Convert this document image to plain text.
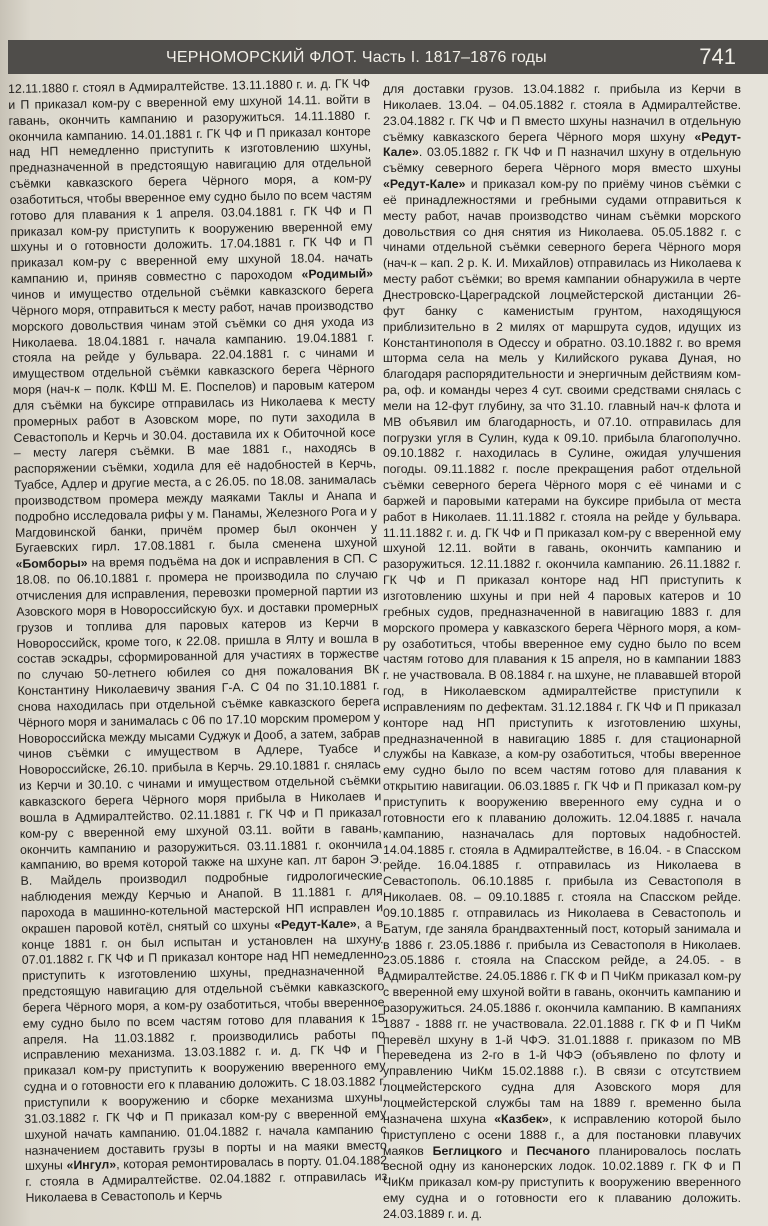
ЧЕРНОМОРСКИЙ ФЛОТ. Часть I. 1817–1876 годы	741

12.11.1880 г. стоял в Адмиралтействе. 13.11.1880 г. и. д. ГК ЧФ и П приказал ком-ру с вверенной ему шхуной 14.11. войти в гавань, окончить кампанию и разоружиться. 14.11.1880 г. окончила кампанию. 14.01.1881 г. ГК ЧФ и П приказал конторе над НП немедленно приступить к изготовлению шхуны, предназначенной в предстоящую навигацию для отдельной съёмки кавказского берега Чёрного моря, а ком-ру озаботиться, чтобы вверенное ему судно было по всем частям готово для плавания к 1 апреля. 03.04.1881 г. ГК ЧФ и П приказал ком-ру приступить к вооружению вверенной ему шхуны и о готовности доложить. 17.04.1881 г. ГК ЧФ и П приказал ком-ру с вверенной ему шхуной 18.04. начать кампанию и, приняв совместно с пароходом «Родимый» чинов и имущество отдельной съёмки кавказского берега Чёрного моря, отправиться к месту работ, начав производство морского довольствия чинам этой съёмки со дня ухода из Николаева. 18.04.1881 г. начала кампанию. 19.04.1881 г. стояла на рейде у бульвара. 22.04.1881 г. с чинами и имуществом отдельной съёмки кавказского берега Чёрного моря (нач-к – полк. КФШ М. Е. Поспелов) и паровым катером для съёмки на буксире отправилась из Николаева к месту промерных работ в Азовском море, по пути заходила в Севастополь и Керчь и 30.04. доставила их к Обиточной косе – месту лагеря съёмки. В мае 1881 г., находясь в распоряжении съёмки, ходила для её надобностей в Керчь, Туабсе, Адлер и другие места, а с 26.05. по 18.08. занималась производством промера между маяками Таклы и Анапа и подробно исследовала рифы у м. Панамы, Железного Рога и у Магдовинской банки, причём промер был окончен у Бугаевских гирл. 17.08.1881 г. была сменена шхуной «Бомборы» на время подъёма на док и исправления в СП. С 18.08. по 06.10.1881 г. промера не производила по случаю отчисления для исправления, перевозки промерной партии из Азовского моря в Новороссийскую бух. и доставки промерных грузов и топлива для паровых катеров из Керчи в Новороссийск, кроме того, к 22.08. пришла в Ялту и вошла в состав эскадры, сформированной для участиях в торжестве по случаю 50-летнего юбилея со дня пожалования ВК Константину Николаевичу звания Г-А. С 04 по 31.10.1881 г. снова находилась при отдельной съёмке кавказского берега Чёрного моря и занималась с 06 по 17.10 морским промером у Новороссийска между мысами Суджук и Дооб, а затем, забрав чинов съёмки с имуществом в Адлере, Туабсе и Новороссийске, 26.10. прибыла в Керчь. 29.10.1881 г. снялась из Керчи и 30.10. с чинами и имуществом отдельной съёмки кавказского берега Чёрного моря прибыла в Николаев и вошла в Адмиралтейство. 02.11.1881 г. ГК ЧФ и П приказал ком-ру с вверенной ему шхуной 03.11. войти в гавань, окончить кампанию и разоружиться. 03.11.1881 г. окончила кампанию, во время которой также на шхуне кап. лт барон Э. В. Майдель производил подробные гидрологические наблюдения между Керчью и Анапой. В 11.1881 г. для парохода в машинно-котельной мастерской НП исправлен и окрашен паровой котёл, снятый со шхуны «Редут-Кале», а в конце 1881 г. он был испытан и установлен на шхуну. 07.01.1882 г. ГК ЧФ и П приказал конторе над НП немедленно приступить к изготовлению шхуны, предназначенной в предстоящую навигацию для отдельной съёмки кавказского берега Чёрного моря, а ком-ру озаботиться, чтобы вверенное ему судно было по всем частям готово для плавания к 15 апреля. На 11.03.1882 г. производились работы по исправлению механизма. 13.03.1882 г. и. д. ГК ЧФ и П приказал ком-ру приступить к вооружению вверенного ему судна и о готовности его к плаванию доложить. С 18.03.1882 г. приступили к вооружению и сборке механизма шхуны. 31.03.1882 г. ГК ЧФ и П приказал ком-ру с вверенной ему шхуной начать кампанию. 01.04.1882 г. начала кампанию с назначением доставить грузы в порты и на маяки вместо шхуны «Ингул», которая ремонтировалась в порту. 01.04.1882 г. стояла в Адмиралтействе. 02.04.1882 г. отправилась из Николаева в Севастополь и Керчь

для доставки грузов. 13.04.1882 г. прибыла из Керчи в Николаев. 13.04. – 04.05.1882 г. стояла в Адмиралтействе. 23.04.1882 г. ГК ЧФ и П вместо шхуны назначил в отдельную съёмку кавказского берега Чёрного моря шхуну «Редут-Кале». 03.05.1882 г. ГК ЧФ и П назначил шхуну в отдельную съёмку северного берега Чёрного моря вместо шхуны «Редут-Кале» и приказал ком-ру по приёму чинов съёмки с её принадлежностями и гребными судами отправиться к месту работ, начав производство чинам съёмки морского довольствия со дня снятия из Николаева. 05.05.1882 г. с чинами отдельной съёмки северного берега Чёрного моря (нач-к – кап. 2 р. К. И. Михайлов) отправилась из Николаева к месту работ съёмки; во время кампании обнаружила в черте Днестровско-Цареградской лоцмейстерской дистанции 26-фут банку с каменистым грунтом, находящуюся приблизительно в 2 милях от маршрута судов, идущих из Константинополя в Одессу и обратно. 03.10.1882 г. во время шторма села на мель у Килийского рукава Дуная, но благодаря распорядительности и энергичным действиям ком-ра, оф. и команды через 4 сут. своими средствами снялась с мели на 12-фут глубину, за что 31.10. главный нач-к флота и МВ объявил им благодарность, и 07.10. отправилась для погрузки угля в Сулин, куда к 09.10. прибыла благополучно. 09.10.1882 г. находилась в Сулине, ожидая улучшения погоды. 09.11.1882 г. после прекращения работ отдельной съёмки северного берега Чёрного моря с её чинами и с баржей и паровыми катерами на буксире прибыла от места работ в Николаев. 11.11.1882 г. стояла на рейде у бульвара. 11.11.1882 г. и. д. ГК ЧФ и П приказал ком-ру с вверенной ему шхуной 12.11. войти в гавань, окончить кампанию и разоружиться. 12.11.1882 г. окончила кампанию. 26.11.1882 г. ГК ЧФ и П приказал конторе над НП приступить к изготовлению шхуны и при ней 4 паровых катеров и 10 гребных судов, предназначенной в навигацию 1883 г. для морского промера у кавказского берега Чёрного моря, а ком-ру озаботиться, чтобы вверенное ему судно было по всем частям готово для плавания к 15 апреля, но в кампании 1883 г. не участвовала. В 08.1884 г. на шхуне, не плававшей второй год, в Николаевском адмиралтействе приступили к исправлениям по дефектам. 31.12.1884 г. ГК ЧФ и П приказал конторе над НП приступить к изготовлению шхуны, предназначенной в навигацию 1885 г. для стационарной службы на Кавказе, а ком-ру озаботиться, чтобы вверенное ему судно было по всем частям готово для плавания к открытию навигации. 06.03.1885 г. ГК ЧФ и П приказал ком-ру приступить к вооружению вверенного ему судна и о готовности его к плаванию доложить. 12.04.1885 г. начала кампанию, назначалась для портовых надобностей. 14.04.1885 г. стояла в Адмиралтействе, в 16.04. - в Спасском рейде. 16.04.1885 г. отправилась из Николаева в Севастополь. 06.10.1885 г. прибыла из Севастополя в Николаев. 08. – 09.10.1885 г. стояла на Спасском рейде. 09.10.1885 г. отправилась из Николаева в Севастополь и Батум, где заняла брандвахтенный пост, который занимала и в 1886 г. 23.05.1886 г. прибыла из Севастополя в Николаев. 23.05.1886 г. стояла на Спасском рейде, а 24.05. - в Адмиралтействе. 24.05.1886 г. ГК Ф и П ЧиКм приказал ком-ру с вверенной ему шхуной войти в гавань, окончить кампанию и разоружиться. 24.05.1886 г. окончила кампанию. В кампаниях 1887 - 1888 гг. не участвовала. 22.01.1888 г. ГК Ф и П ЧиКм перевёл шхуну в 1-й ЧФЭ. 31.01.1888 г. приказом по МВ переведена из 2-го в 1-й ЧФЭ (объявлено по флоту и управлению ЧиКм 15.02.1888 г.). В связи с отсутствием лоцмейстерского судна для Азовского моря для лоцмейстерской службы там на 1889 г. временно была назначена шхуна «Казбек», к исправлению которой было приступлено с осени 1888 г., а для постановки плавучих маяков Беглицкого и Песчаного планировалось послать весной одну из канонерских лодок. 10.02.1889 г. ГК Ф и П ЧиКм приказал ком-ру приступить к вооружению вверенного ему судна и о готовности его к плаванию доложить. 24.03.1889 г. и. д.
